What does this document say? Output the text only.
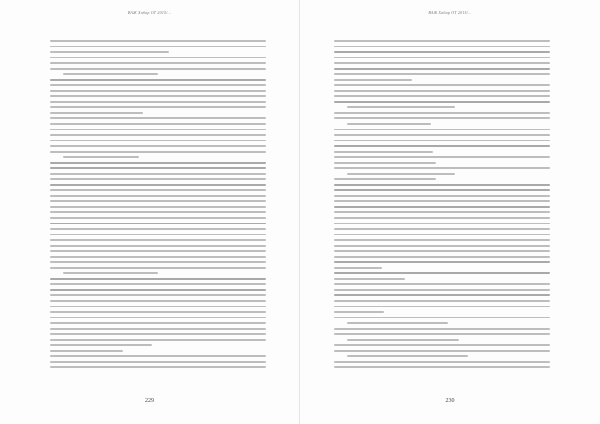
ВАЖ Хабар ОТ 2015/...
229
ВАЖ Хабар ОТ 2015/...
230
